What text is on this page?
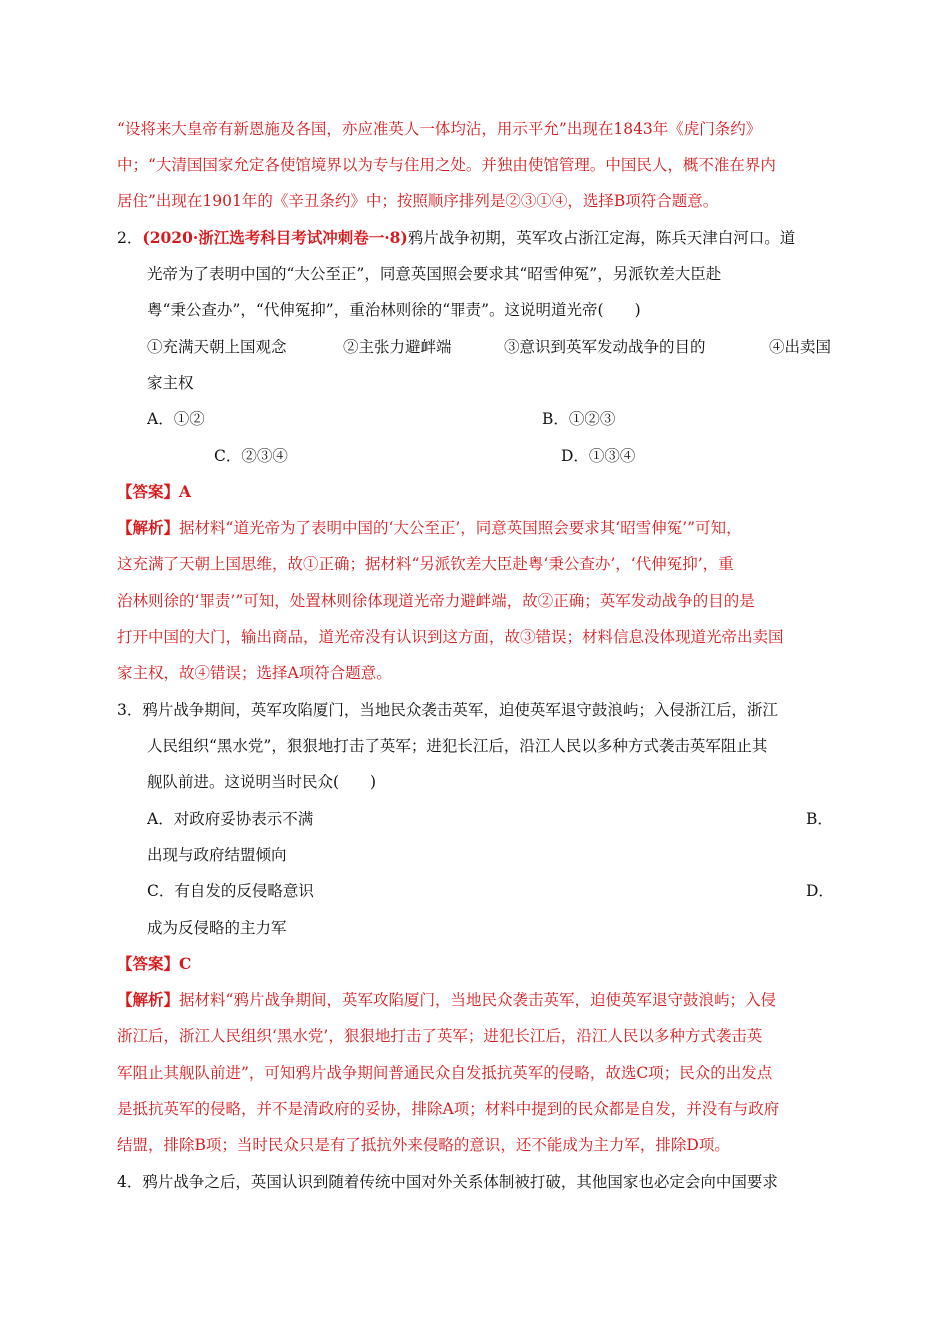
“设将来大皇帝有新恩施及各国，亦应准英人一体均沾，用示平允”出现在1843年《虎门条约》
中；“大清国国家允定各使馆境界以为专与住用之处。并独由使馆管理。中国民人，概不准在界内
居住”出现在1901年的《辛丑条约》中；按照顺序排列是②③①④，选择B项符合题意。
2．(2020·浙江选考科目考试冲刺卷一·8)鸦片战争初期，英军攻占浙江定海，陈兵天津白河口。道
光帝为了表明中国的“大公至正”，同意英国照会要求其“昭雪伸冤”，另派钦差大臣赴
粤“秉公查办”，“代伸冤抑”，重治林则徐的“罪责”。这说明道光帝(　　)
①充满天朝上国观念	②主张力避衅端	③意识到英军发动战争的目的	④出卖国
家主权
A．①②	B．①②③
C．②③④	D．①③④
【答案】A
【解析】据材料“道光帝为了表明中国的‘大公至正’，同意英国照会要求其‘昭雪伸冤’”可知，
这充满了天朝上国思维，故①正确；据材料“另派钦差大臣赴粤‘秉公查办’，‘代伸冤抑’，重
治林则徐的‘罪责’”可知，处置林则徐体现道光帝力避衅端，故②正确；英军发动战争的目的是
打开中国的大门，输出商品，道光帝没有认识到这方面，故③错误；材料信息没体现道光帝出卖国
家主权，故④错误；选择A项符合题意。
3．鸦片战争期间，英军攻陷厦门，当地民众袭击英军，迫使英军退守鼓浪屿；入侵浙江后，浙江
人民组织“黑水党”，狠狠地打击了英军；进犯长江后，沿江人民以多种方式袭击英军阻止其
舰队前进。这说明当时民众(　　)
A．对政府妥协表示不满	B．
出现与政府结盟倾向
C．有自发的反侵略意识	D．
成为反侵略的主力军
【答案】C
【解析】据材料“鸦片战争期间，英军攻陷厦门，当地民众袭击英军，迫使英军退守鼓浪屿；入侵
浙江后，浙江人民组织‘黑水党’，狠狠地打击了英军；进犯长江后，沿江人民以多种方式袭击英
军阻止其舰队前进”，可知鸦片战争期间普通民众自发抵抗英军的侵略，故选C项；民众的出发点
是抵抗英军的侵略，并不是清政府的妥协，排除A项；材料中提到的民众都是自发，并没有与政府
结盟，排除B项；当时民众只是有了抵抗外来侵略的意识，还不能成为主力军，排除D项。
4．鸦片战争之后，英国认识到随着传统中国对外关系体制被打破，其他国家也必定会向中国要求
